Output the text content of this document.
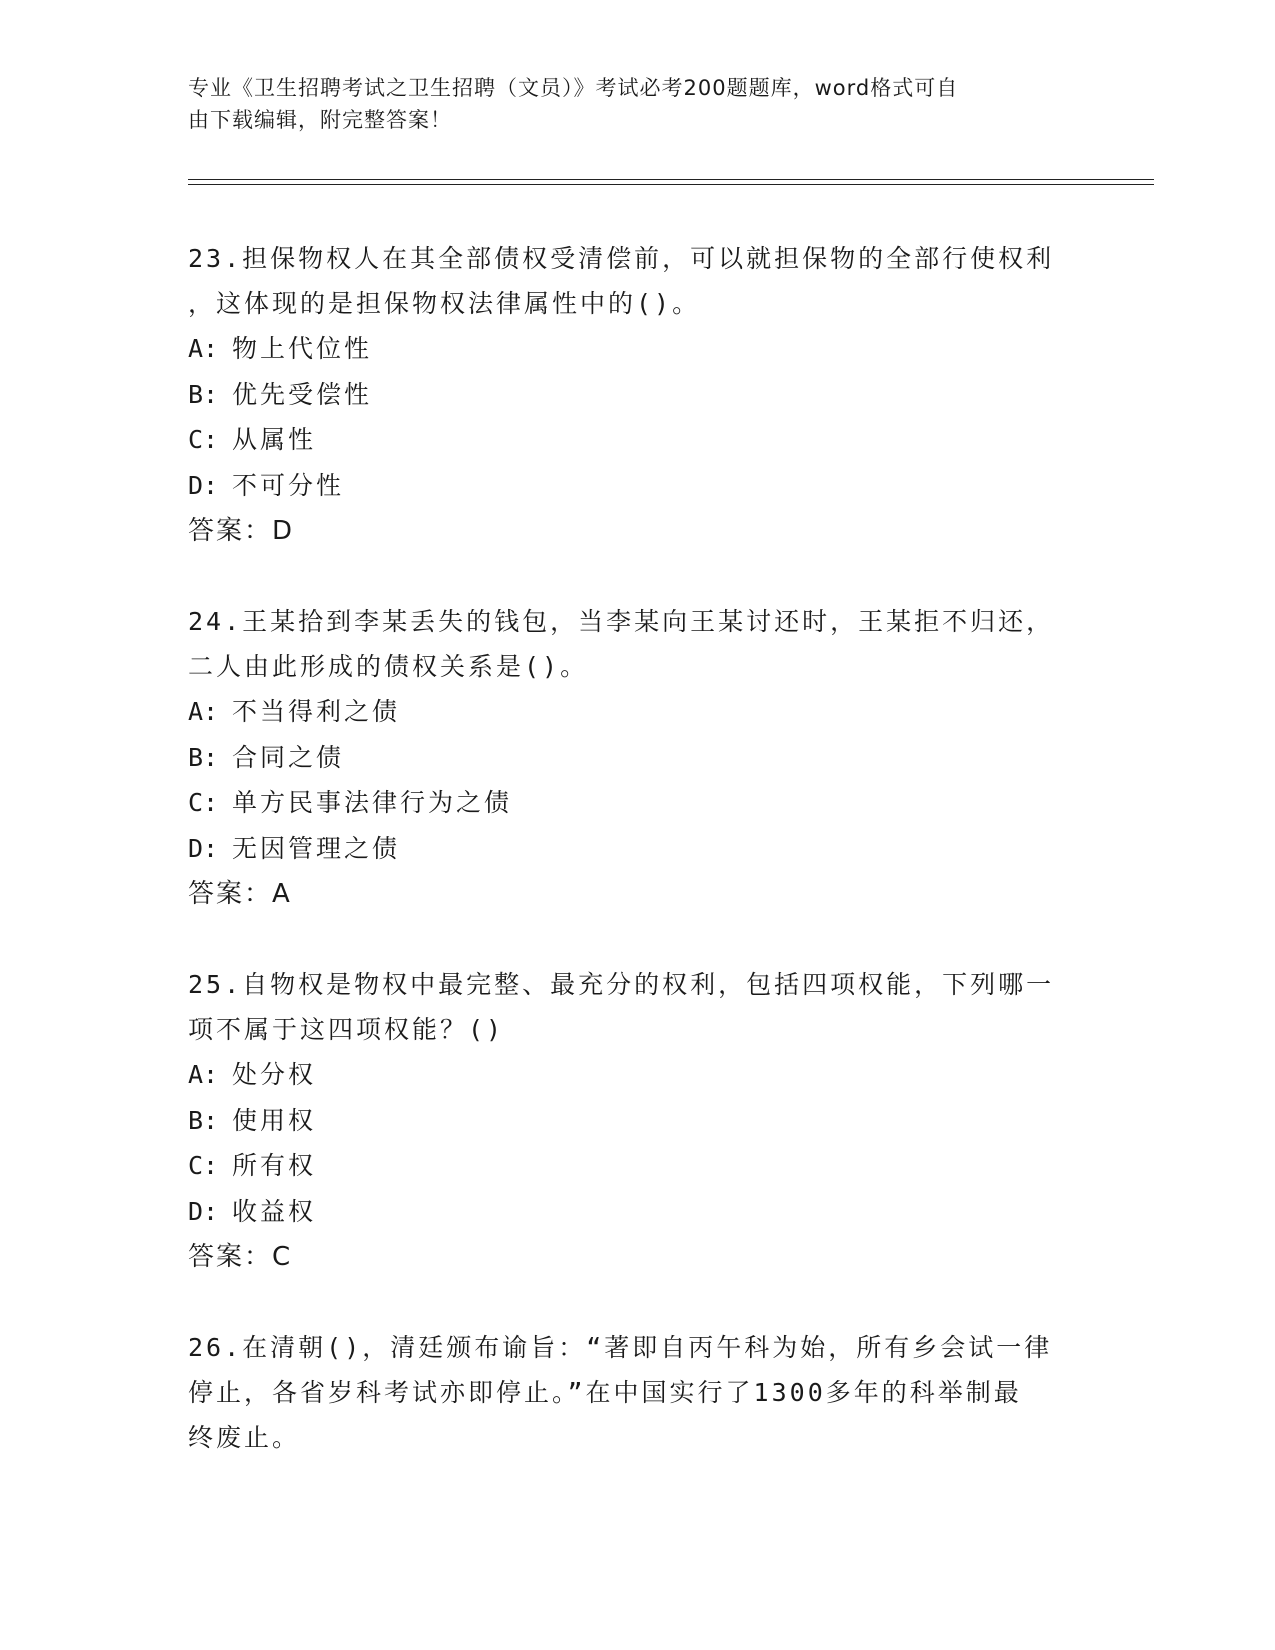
专业《卫生招聘考试之卫生招聘（文员）》考试必考200题题库，word格式可自
由下载编辑，附完整答案！
23.担保物权人在其全部债权受清偿前，可以就担保物的全部行使权利
，这体现的是担保物权法律属性中的()。
A: 物上代位性
B: 优先受偿性
C: 从属性
D: 不可分性
答案：D
24.王某拾到李某丢失的钱包，当李某向王某讨还时，王某拒不归还，
二人由此形成的债权关系是()。
A: 不当得利之债
B: 合同之债
C: 单方民事法律行为之债
D: 无因管理之债
答案：A
25.自物权是物权中最完整、最充分的权利，包括四项权能，下列哪一
项不属于这四项权能？()
A: 处分权
B: 使用权
C: 所有权
D: 收益权
答案：C
26.在清朝()，清廷颁布谕旨：“著即自丙午科为始，所有乡会试一律
停止，各省岁科考试亦即停止。”在中国实行了1300多年的科举制最
终废止。
